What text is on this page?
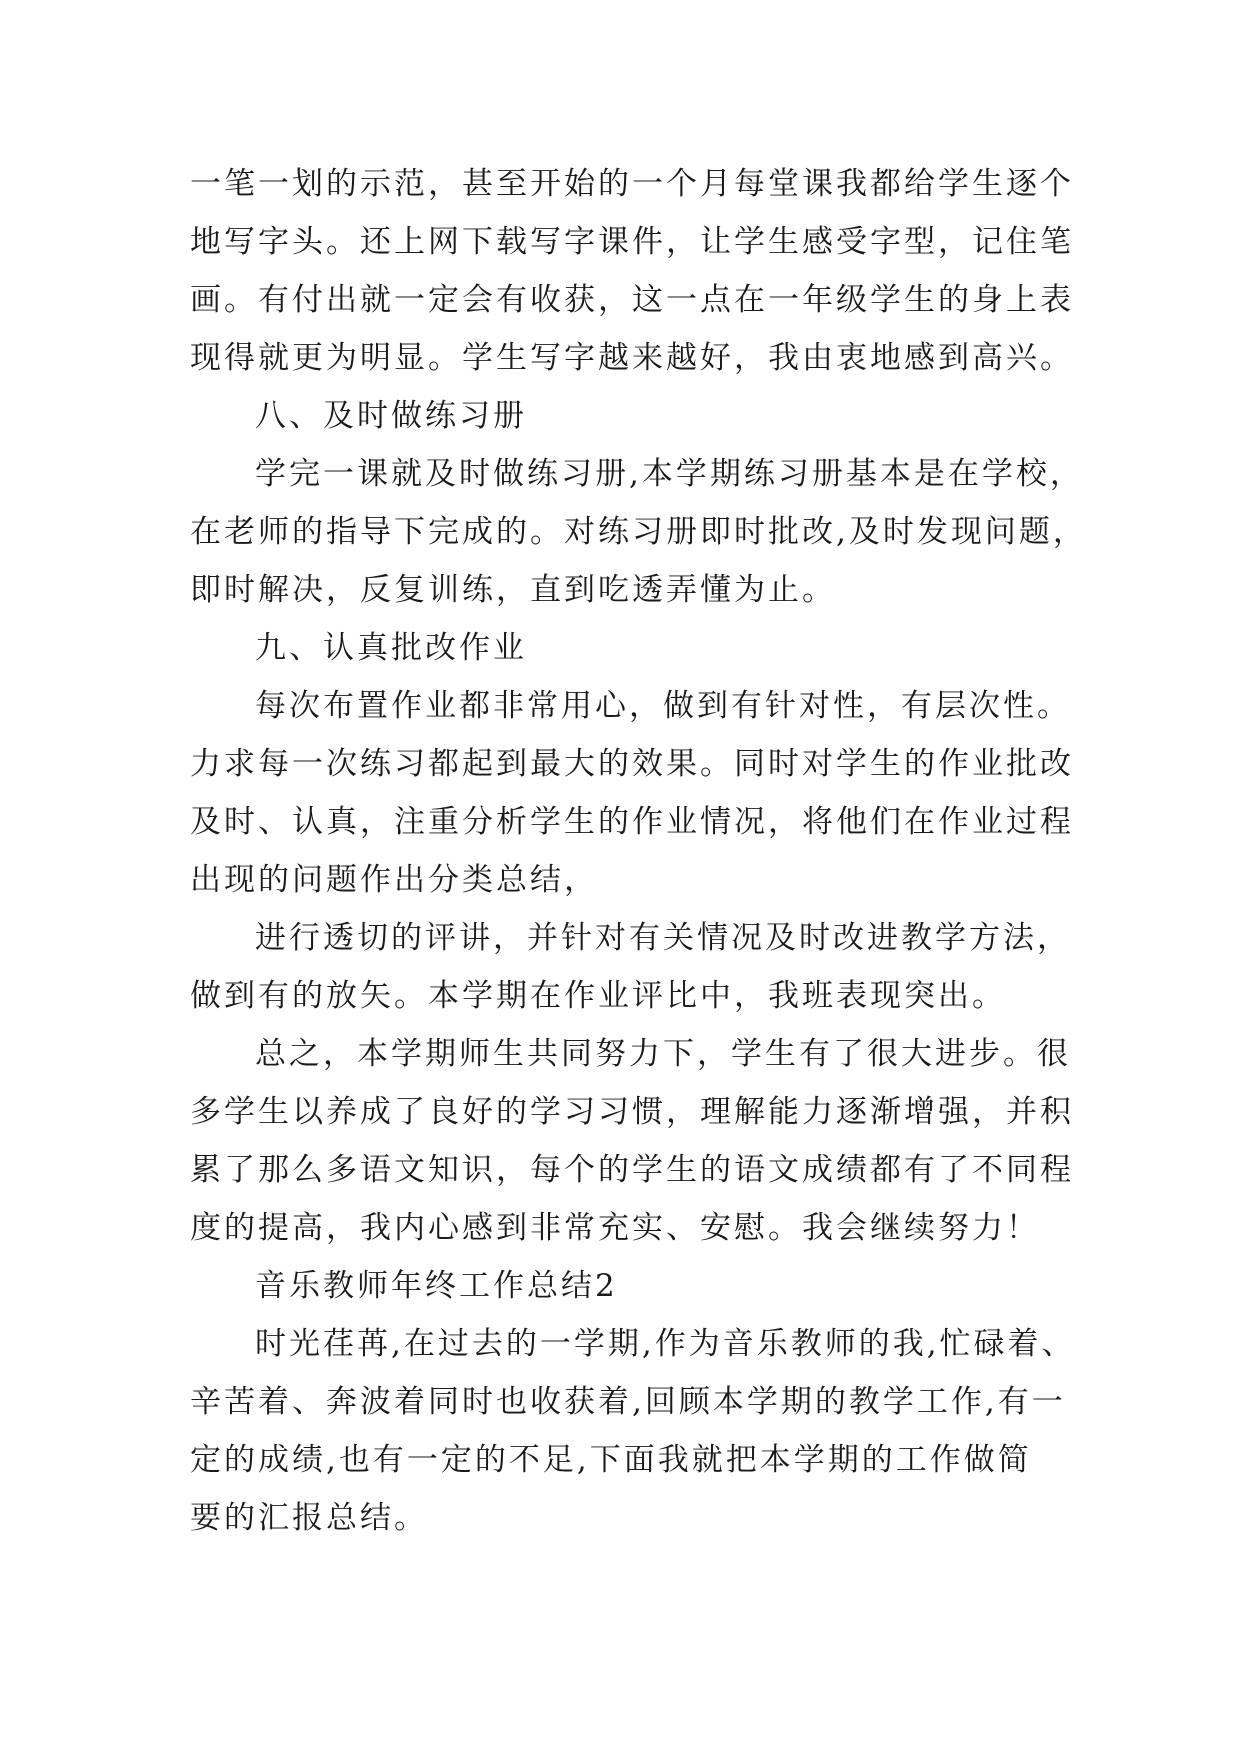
一笔一划的示范，甚至开始的一个月每堂课我都给学生逐个
地写字头。还上网下载写字课件，让学生感受字型，记住笔
画。有付出就一定会有收获，这一点在一年级学生的身上表
现得就更为明显。学生写字越来越好，我由衷地感到高兴。
八、及时做练习册
学完一课就及时做练习册,本学期练习册基本是在学校，
在老师的指导下完成的。对练习册即时批改,及时发现问题，
即时解决，反复训练，直到吃透弄懂为止。
九、认真批改作业
每次布置作业都非常用心，做到有针对性，有层次性。
力求每一次练习都起到最大的效果。同时对学生的作业批改
及时、认真，注重分析学生的作业情况，将他们在作业过程
出现的问题作出分类总结，
进行透切的评讲，并针对有关情况及时改进教学方法，
做到有的放矢。本学期在作业评比中，我班表现突出。
总之，本学期师生共同努力下，学生有了很大进步。很
多学生以养成了良好的学习习惯，理解能力逐渐增强，并积
累了那么多语文知识，每个的学生的语文成绩都有了不同程
度的提高，我内心感到非常充实、安慰。我会继续努力！
音乐教师年终工作总结2
时光荏苒,在过去的一学期,作为音乐教师的我,忙碌着、
辛苦着、奔波着同时也收获着,回顾本学期的教学工作,有一
定的成绩,也有一定的不足,下面我就把本学期的工作做简
要的汇报总结。
